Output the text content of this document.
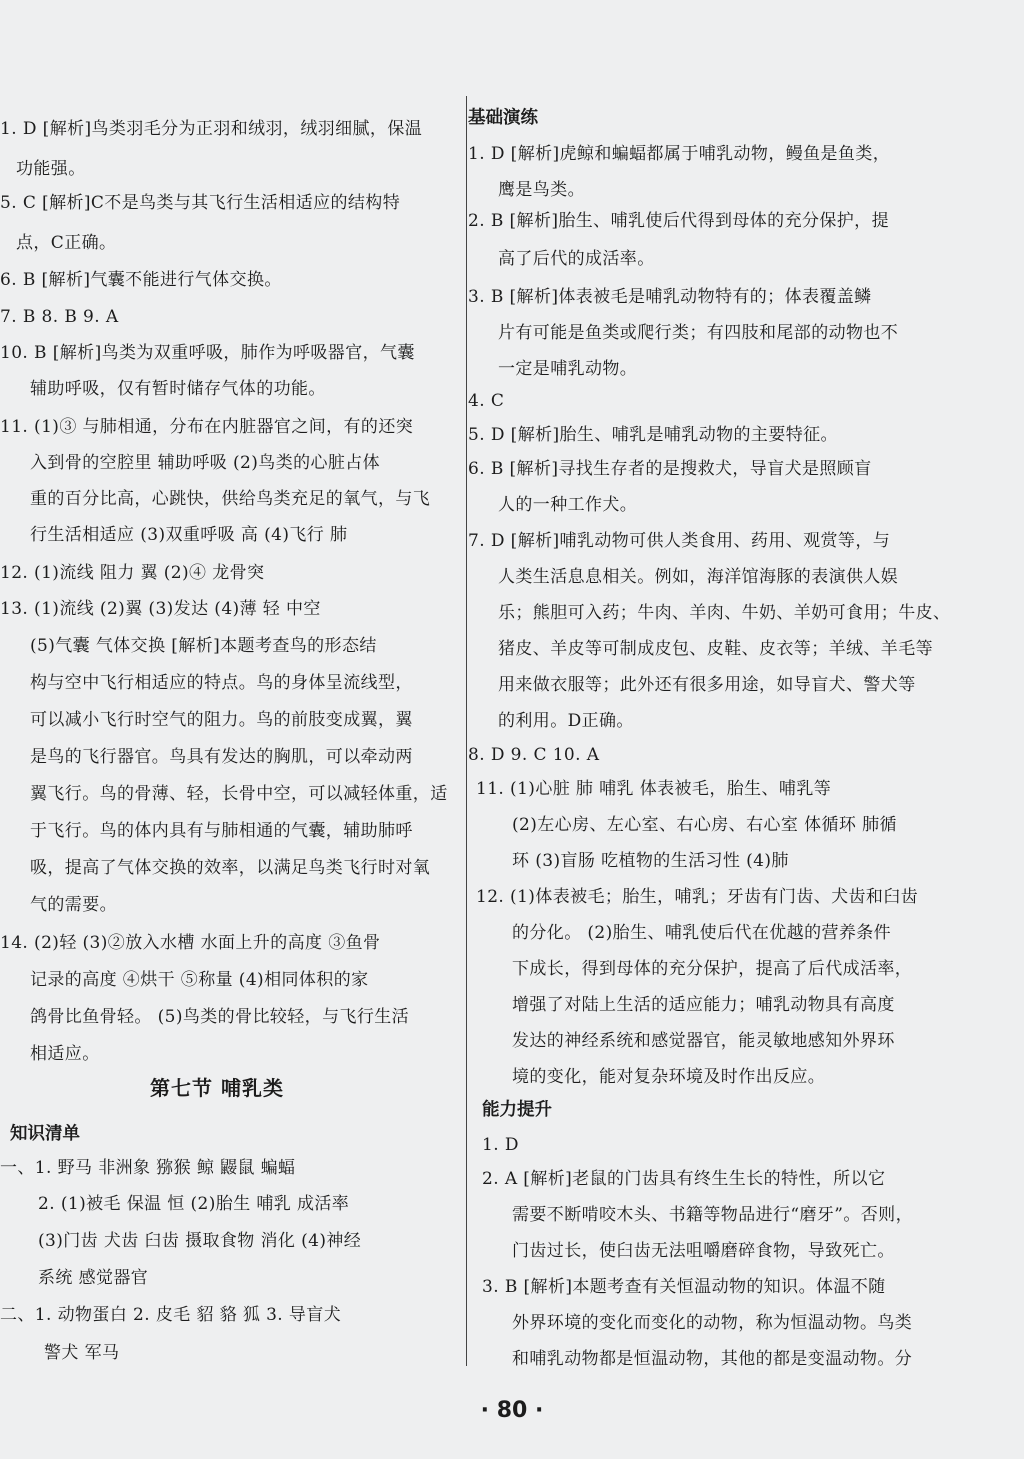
1. D [解析]鸟类羽毛分为正羽和绒羽，绒羽细腻，保温
功能强。
5. C [解析]C不是鸟类与其飞行生活相适应的结构特
点，C正确。
6. B [解析]气囊不能进行气体交换。
7. B 8. B 9. A
10. B [解析]鸟类为双重呼吸，肺作为呼吸器官，气囊
辅助呼吸，仅有暂时储存气体的功能。
11. (1)③ 与肺相通，分布在内脏器官之间，有的还突
入到骨的空腔里 辅助呼吸 (2)鸟类的心脏占体
重的百分比高，心跳快，供给鸟类充足的氧气，与飞
行生活相适应 (3)双重呼吸 高 (4)飞行 肺
12. (1)流线 阻力 翼 (2)④ 龙骨突
13. (1)流线 (2)翼 (3)发达 (4)薄 轻 中空
(5)气囊 气体交换 [解析]本题考查鸟的形态结
构与空中飞行相适应的特点。鸟的身体呈流线型，
可以减小飞行时空气的阻力。鸟的前肢变成翼，翼
是鸟的飞行器官。鸟具有发达的胸肌，可以牵动两
翼飞行。鸟的骨薄、轻，长骨中空，可以减轻体重，适
于飞行。鸟的体内具有与肺相通的气囊，辅助肺呼
吸，提高了气体交换的效率，以满足鸟类飞行时对氧
气的需要。
14. (2)轻 (3)②放入水槽 水面上升的高度 ③鱼骨
记录的高度 ④烘干 ⑤称量 (4)相同体积的家
鸽骨比鱼骨轻。 (5)鸟类的骨比较轻，与飞行生活
相适应。
第七节 哺乳类
知识清单
一、1. 野马 非洲象 猕猴 鲸 鼹鼠 蝙蝠
2. (1)被毛 保温 恒 (2)胎生 哺乳 成活率
(3)门齿 犬齿 臼齿 摄取食物 消化 (4)神经
系统 感觉器官
二、1. 动物蛋白 2. 皮毛 貂 貉 狐 3. 导盲犬
警犬 军马
基础演练
1. D [解析]虎鲸和蝙蝠都属于哺乳动物，鳗鱼是鱼类，
鹰是鸟类。
2. B [解析]胎生、哺乳使后代得到母体的充分保护，提
高了后代的成活率。
3. B [解析]体表被毛是哺乳动物特有的；体表覆盖鳞
片有可能是鱼类或爬行类；有四肢和尾部的动物也不
一定是哺乳动物。
4. C
5. D [解析]胎生、哺乳是哺乳动物的主要特征。
6. B [解析]寻找生存者的是搜救犬，导盲犬是照顾盲
人的一种工作犬。
7. D [解析]哺乳动物可供人类食用、药用、观赏等，与
人类生活息息相关。例如，海洋馆海豚的表演供人娱
乐；熊胆可入药；牛肉、羊肉、牛奶、羊奶可食用；牛皮、
猪皮、羊皮等可制成皮包、皮鞋、皮衣等；羊绒、羊毛等
用来做衣服等；此外还有很多用途，如导盲犬、警犬等
的利用。D正确。
8. D 9. C 10. A
11. (1)心脏 肺 哺乳 体表被毛，胎生、哺乳等
(2)左心房、左心室、右心房、右心室 体循环 肺循
环 (3)盲肠 吃植物的生活习性 (4)肺
12. (1)体表被毛；胎生，哺乳；牙齿有门齿、犬齿和臼齿
的分化。 (2)胎生、哺乳使后代在优越的营养条件
下成长，得到母体的充分保护，提高了后代成活率，
增强了对陆上生活的适应能力；哺乳动物具有高度
发达的神经系统和感觉器官，能灵敏地感知外界环
境的变化，能对复杂环境及时作出反应。
能力提升
1. D
2. A [解析]老鼠的门齿具有终生生长的特性，所以它
需要不断啃咬木头、书籍等物品进行“磨牙”。否则，
门齿过长，使臼齿无法咀嚼磨碎食物，导致死亡。
3. B [解析]本题考查有关恒温动物的知识。体温不随
外界环境的变化而变化的动物，称为恒温动物。鸟类
和哺乳动物都是恒温动物，其他的都是变温动物。分
· 80 ·
